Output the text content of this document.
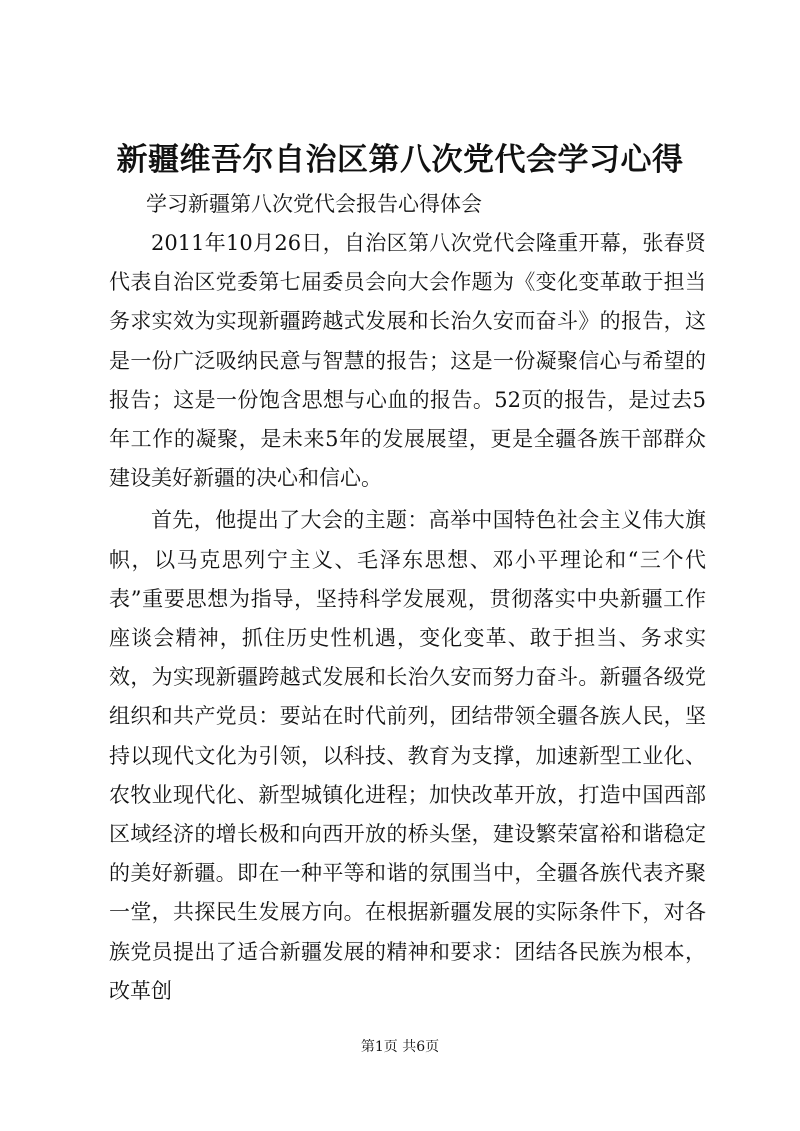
新疆维吾尔自治区第八次党代会学习心得

学习新疆第八次党代会报告心得体会

2011年10月26日，自治区第八次党代会隆重开幕，张春贤代表自治区党委第七届委员会向大会作题为《变化变革敢于担当务求实效为实现新疆跨越式发展和长治久安而奋斗》的报告，这是一份广泛吸纳民意与智慧的报告；这是一份凝聚信心与希望的报告；这是一份饱含思想与心血的报告。52页的报告，是过去5年工作的凝聚，是未来5年的发展展望，更是全疆各族干部群众建设美好新疆的决心和信心。

首先，他提出了大会的主题：高举中国特色社会主义伟大旗帜，以马克思列宁主义、毛泽东思想、邓小平理论和“三个代表”重要思想为指导，坚持科学发展观，贯彻落实中央新疆工作座谈会精神，抓住历史性机遇，变化变革、敢于担当、务求实效，为实现新疆跨越式发展和长治久安而努力奋斗。新疆各级党组织和共产党员：要站在时代前列，团结带领全疆各族人民，坚持以现代文化为引领，以科技、教育为支撑，加速新型工业化、农牧业现代化、新型城镇化进程；加快改革开放，打造中国西部区域经济的增长极和向西开放的桥头堡，建设繁荣富裕和谐稳定的美好新疆。即在一种平等和谐的氛围当中，全疆各族代表齐聚一堂，共探民生发展方向。在根据新疆发展的实际条件下，对各族党员提出了适合新疆发展的精神和要求：团结各民族为根本，改革创

第1页 共6页
